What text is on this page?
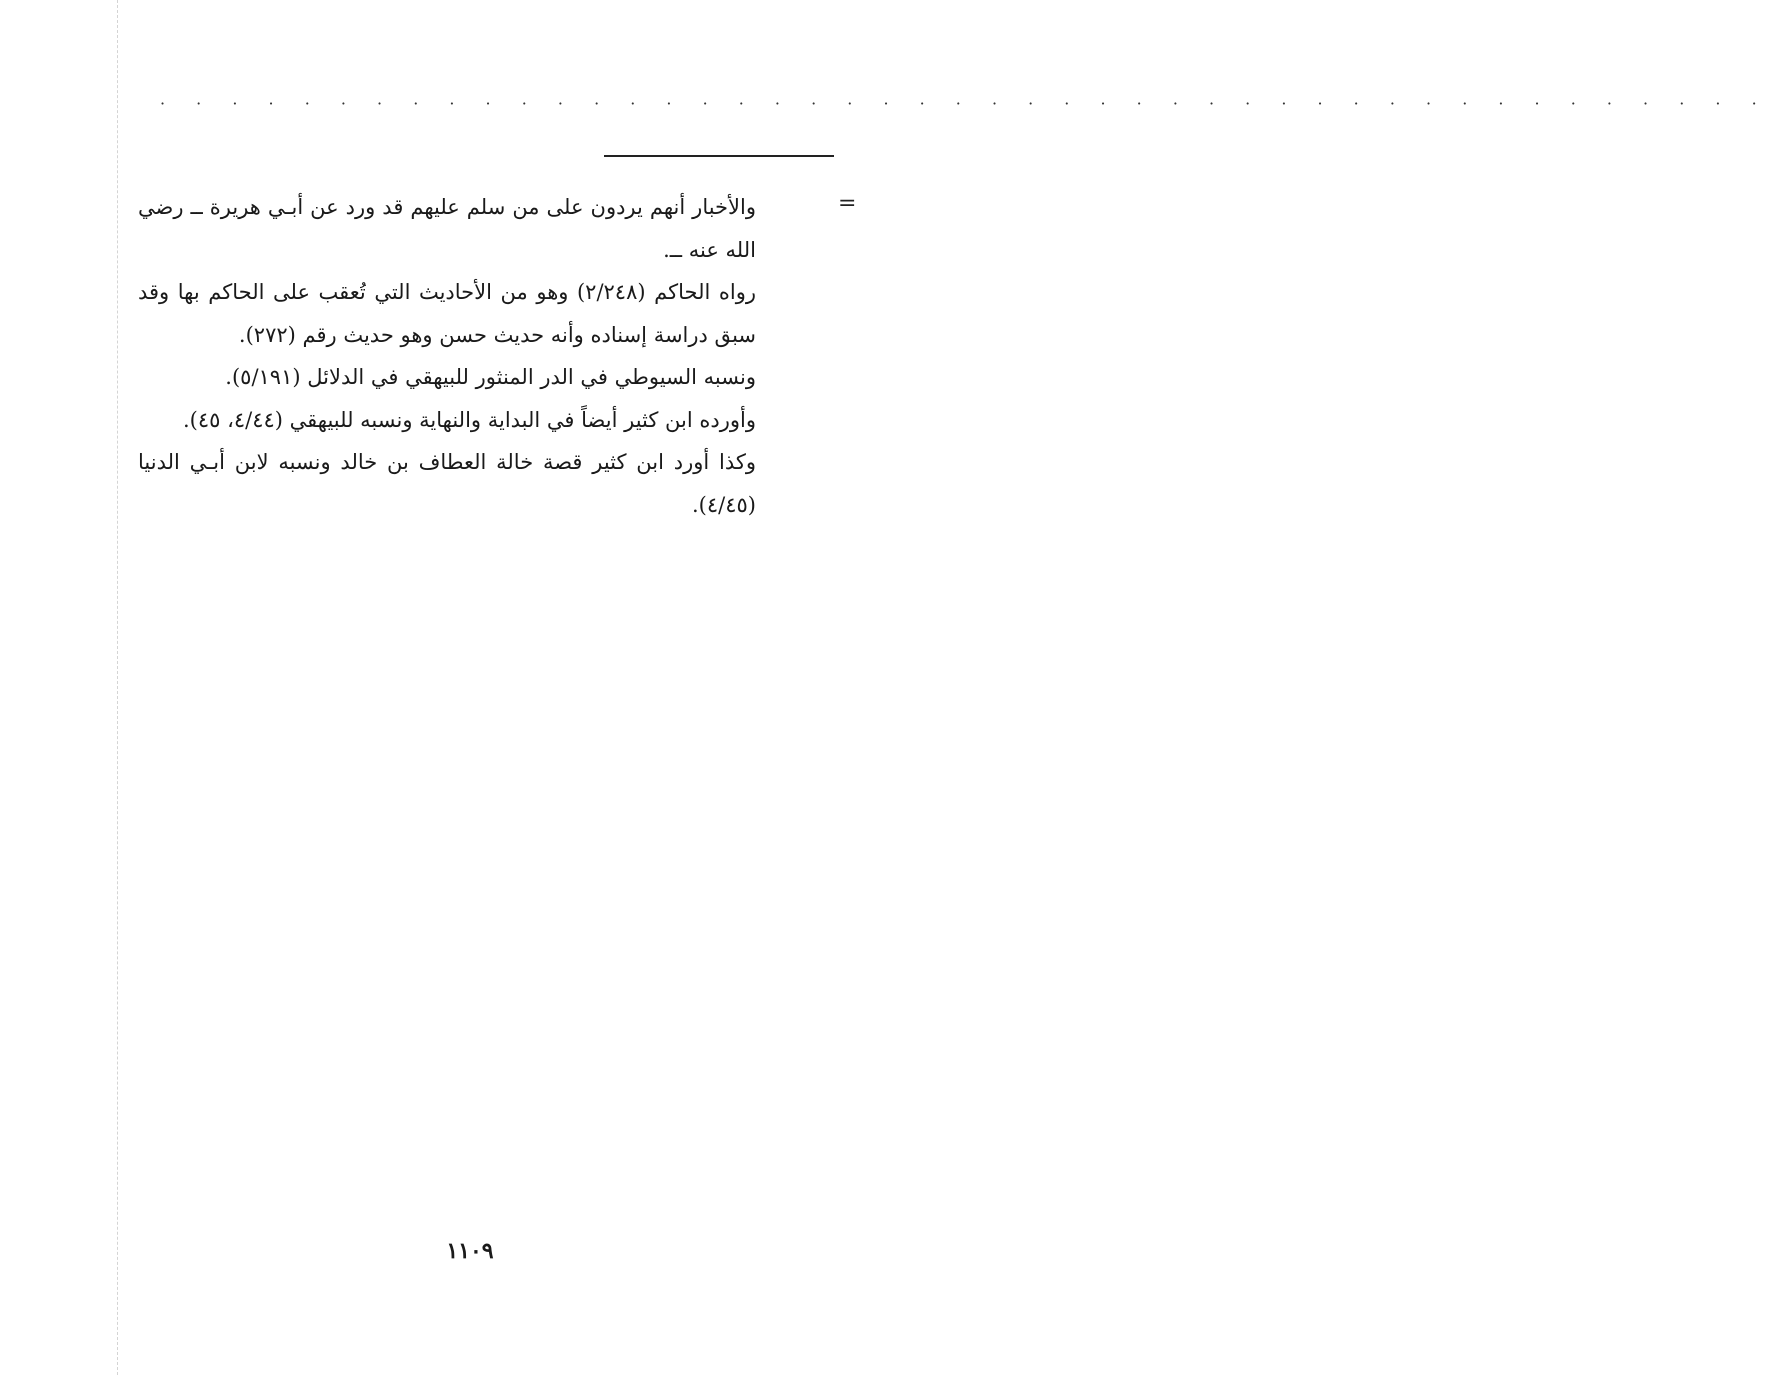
· · · · · · · · · · · · · · · · · · · · · · · · · · · · · · · · · · · · · · · · · · · · ·
=

والأخبار أنهم يردون على من سلم عليهم قد ورد عن أبـي هريرة ــ رضي الله عنه ــ.

رواه الحاكم (٢/٢٤٨) وهو من الأحاديث التي تُعقب على الحاكم بها وقد سبق دراسة إسناده وأنه حديث حسن وهو حديث رقم (٢٧٢).

ونسبه السيوطي في الدر المنثور للبيهقي في الدلائل (٥/١٩١).

وأورده ابن كثير أيضاً في البداية والنهاية ونسبه للبيهقي (٤/٤٤، ٤٥).

وكذا أورد ابن كثير قصة خالة العطاف بن خالد ونسبه لابن أبـي الدنيا (٤/٤٥).

١١٠٩
